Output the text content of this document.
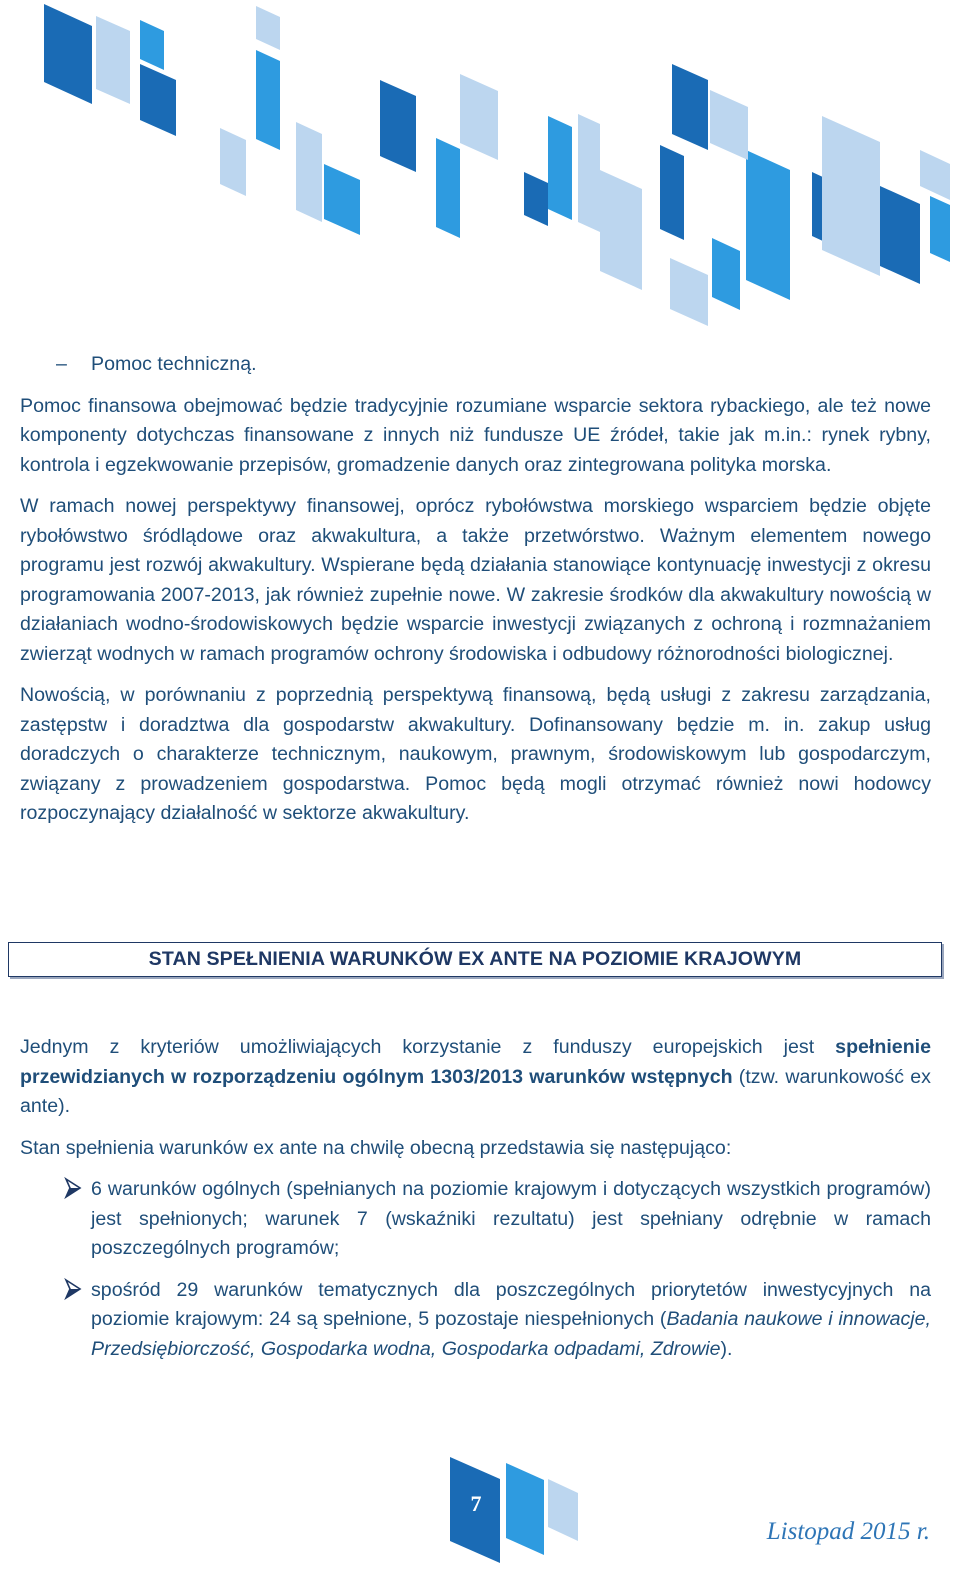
– Pomoc techniczną.

Pomoc finansowa obejmować będzie tradycyjnie rozumiane wsparcie sektora rybackiego, ale też nowe komponenty dotychczas finansowane z innych niż fundusze UE źródeł, takie jak m.in.: rynek rybny, kontrola i egzekwowanie przepisów, gromadzenie danych oraz zintegrowana polityka morska.

W ramach nowej perspektywy finansowej, oprócz rybołówstwa morskiego wsparciem będzie objęte rybołówstwo śródlądowe oraz akwakultura, a także przetwórstwo. Ważnym elementem nowego programu jest rozwój akwakultury. Wspierane będą działania stanowiące kontynuację inwestycji z okresu programowania 2007-2013, jak również zupełnie nowe. W zakresie środków dla akwakultury nowością w działaniach wodno-środowiskowych będzie wsparcie inwestycji związanych z ochroną i rozmnażaniem zwierząt wodnych w ramach programów ochrony środowiska i odbudowy różnorodności biologicznej.

Nowością, w porównaniu z poprzednią perspektywą finansową, będą usługi z zakresu zarządzania, zastępstw i doradztwa dla gospodarstw akwakultury. Dofinansowany będzie m. in. zakup usług doradczych o charakterze technicznym, naukowym, prawnym, środowiskowym lub gospodarczym, związany z prowadzeniem gospodarstwa. Pomoc będą mogli otrzymać również nowi hodowcy rozpoczynający działalność w sektorze akwakultury.

STAN SPEŁNIENIA WARUNKÓW EX ANTE NA POZIOMIE KRAJOWYM

Jednym z kryteriów umożliwiających korzystanie z funduszy europejskich jest spełnienie przewidzianych w rozporządzeniu ogólnym 1303/2013 warunków wstępnych (tzw. warunkowość ex ante).

Stan spełnienia warunków ex ante na chwilę obecną przedstawia się następująco:

6 warunków ogólnych (spełnianych na poziomie krajowym i dotyczących wszystkich programów) jest spełnionych; warunek 7 (wskaźniki rezultatu) jest spełniany odrębnie w ramach poszczególnych programów;
spośród 29 warunków tematycznych dla poszczególnych priorytetów inwestycyjnych na poziomie krajowym: 24 są spełnione, 5 pozostaje niespełnionych (Badania naukowe i innowacje, Przedsiębiorczość, Gospodarka wodna, Gospodarka odpadami, Zdrowie).
7
Listopad 2015 r.
